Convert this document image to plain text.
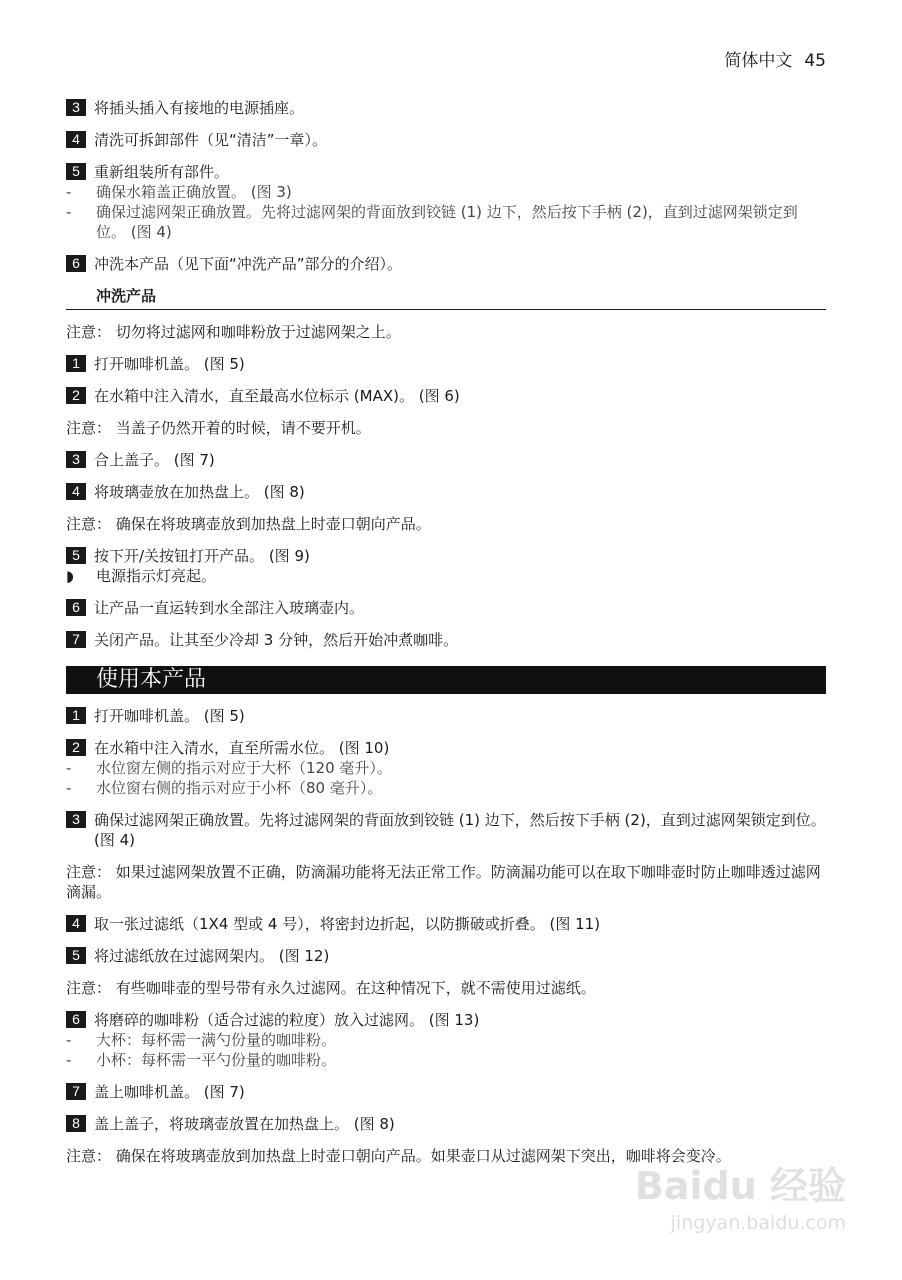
简体中文 45
3 将插头插入有接地的电源插座。
4 清洗可拆卸部件（见“清洁”一章）。
5 重新组装所有部件。
-	确保水箱盖正确放置。 (图 3)
-	确保过滤网架正确放置。先将过滤网架的背面放到铰链 (1) 边下，然后按下手柄 (2)，直到过滤网架锁定到位。 (图 4)
6 冲洗本产品（见下面“冲洗产品”部分的介绍）。
冲洗产品
注意： 切勿将过滤网和咖啡粉放于过滤网架之上。
1 打开咖啡机盖。 (图 5)
2 在水箱中注入清水，直至最高水位标示 (MAX)。 (图 6)
注意： 当盖子仍然开着的时候，请不要开机。
3 合上盖子。 (图 7)
4 将玻璃壶放在加热盘上。 (图 8)
注意： 确保在将玻璃壶放到加热盘上时壶口朝向产品。
5 按下开/关按钮打开产品。 (图 9)
◗	电源指示灯亮起。
6 让产品一直运转到水全部注入玻璃壶内。
7 关闭产品。让其至少冷却 3 分钟，然后开始冲煮咖啡。
使用本产品
1 打开咖啡机盖。 (图 5)
2 在水箱中注入清水，直至所需水位。 (图 10)
-	水位窗左侧的指示对应于大杯（120 毫升）。
-	水位窗右侧的指示对应于小杯（80 毫升）。
3 确保过滤网架正确放置。先将过滤网架的背面放到铰链 (1) 边下，然后按下手柄 (2)，直到过滤网架锁定到位。 (图 4)
注意： 如果过滤网架放置不正确，防滴漏功能将无法正常工作。防滴漏功能可以在取下咖啡壶时防止咖啡透过滤网滴漏。
4 取一张过滤纸（1X4 型或 4 号），将密封边折起，以防撕破或折叠。 (图 11)
5 将过滤纸放在过滤网架内。 (图 12)
注意： 有些咖啡壶的型号带有永久过滤网。在这种情况下，就不需使用过滤纸。
6 将磨碎的咖啡粉（适合过滤的粒度）放入过滤网。 (图 13)
-	大杯：每杯需一满勺份量的咖啡粉。
-	小杯：每杯需一平勺份量的咖啡粉。
7 盖上咖啡机盖。 (图 7)
8 盖上盖子，将玻璃壶放置在加热盘上。 (图 8)
注意： 确保在将玻璃壶放到加热盘上时壶口朝向产品。如果壶口从过滤网架下突出，咖啡将会变冷。
Baidu 经验
jingyan.baidu.com
